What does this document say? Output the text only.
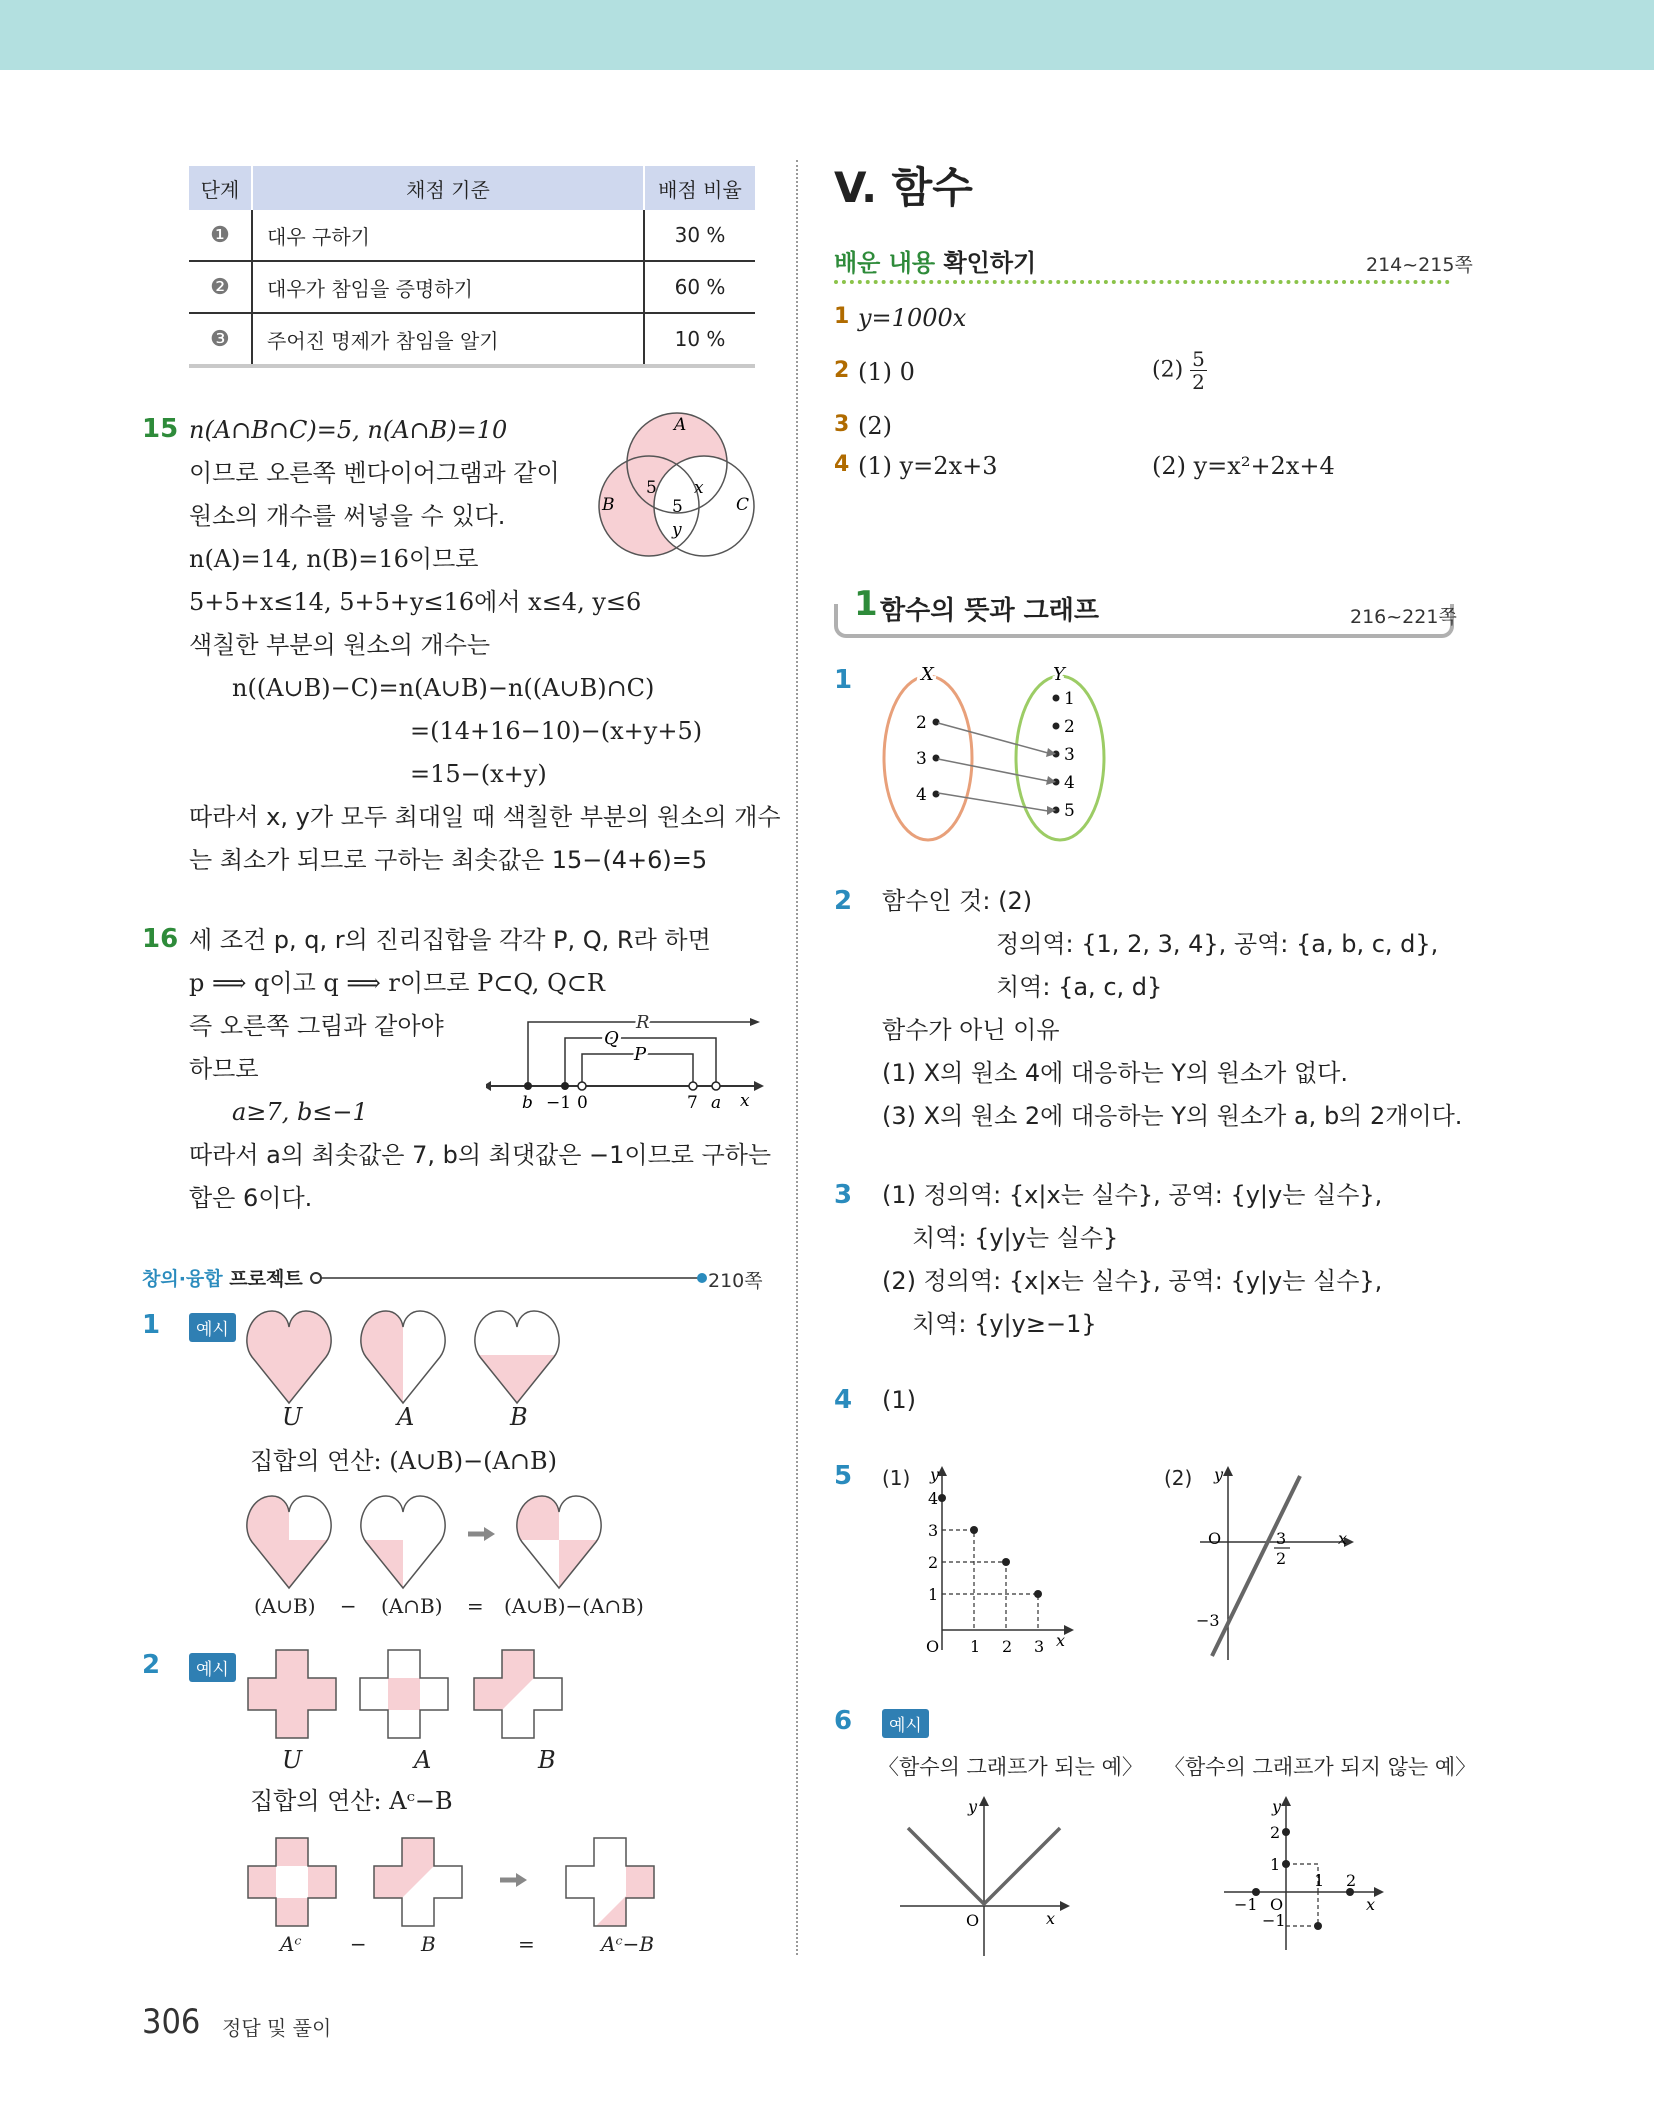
단계	채점 기준	배점 비율
❶	대우 구하기	30 %
❷	대우가 참임을 증명하기	60 %
❸	주어진 명제가 참임을 알기	10 %
15 n(A∩B∩C)=5, n(A∩B)=10
이므로 오른쪽 벤다이어그램과 같이
원소의 개수를 써넣을 수 있다.
n(A)=14, n(B)=16이므로
5+5+x≤14, 5+5+y≤16에서 x≤4, y≤6
색칠한 부분의 원소의 개수는
n((A∪B)−C)=n(A∪B)−n((A∪B)∩C)
=(14+16−10)−(x+y+5)
=15−(x+y)
따라서 x, y가 모두 최대일 때 색칠한 부분의 원소의 개수
는 최소가 되므로 구하는 최솟값은 15−(4+6)=5
A
B	C
5
5
x
y
16 세 조건 p, q, r의 진리집합을 각각 P, Q, R라 하면
p ⟹ q이고 q ⟹ r이므로 P⊂Q, Q⊂R
즉 오른쪽 그림과 같아야
하므로
a≥7, b≤−1
따라서 a의 최솟값은 7, b의 최댓값은 −1이므로 구하는
합은 6이다.
R
Q
P
b −1 0	7 a x
창의·융합 프로젝트	210쪽
1	예시
U	A	B
집합의 연산: (A∪B)−(A∩B)
(A∪B) − (A∩B) = (A∪B)−(A∩B)
2	예시
U	A	B
집합의 연산: Aᶜ−B
Aᶜ −	B	=	Aᶜ−B
306 정답 및 풀이
V. 함수
배운 내용 확인하기	214~215쪽
1 y=1000x
2 (1) 0	$(2) \frac{5}{2}$
3 (2)
4 (1) y=2x+3	(2) y=x²+2x+4
1 함수의 뜻과 그래프	216~221쪽
1	X	Y
2
3
4
1
2
3
4
5
2 함수인 것: (2)
정의역: {1, 2, 3, 4}, 공역: {a, b, c, d},
치역: {a, c, d}
함수가 아닌 이유
(1) X의 원소 4에 대응하는 Y의 원소가 없다.
(3) X의 원소 2에 대응하는 Y의 원소가 a, b의 2개이다.
3 (1) 정의역: {x|x는 실수}, 공역: {y|y는 실수},
치역: {y|y는 실수}
(2) 정의역: {x|x는 실수}, 공역: {y|y는 실수},
치역: {y|y≥−1}
4 (1)
5 (1) y
x
O 1 2 3
1
2
3
4
(2) y
x
O	3
2
−3
6	예시
〈함수의 그래프가 되는 예〉 〈함수의 그래프가 되지 않는 예〉
y
x
O
y
x
O
2
1
−1
−1
1 2
